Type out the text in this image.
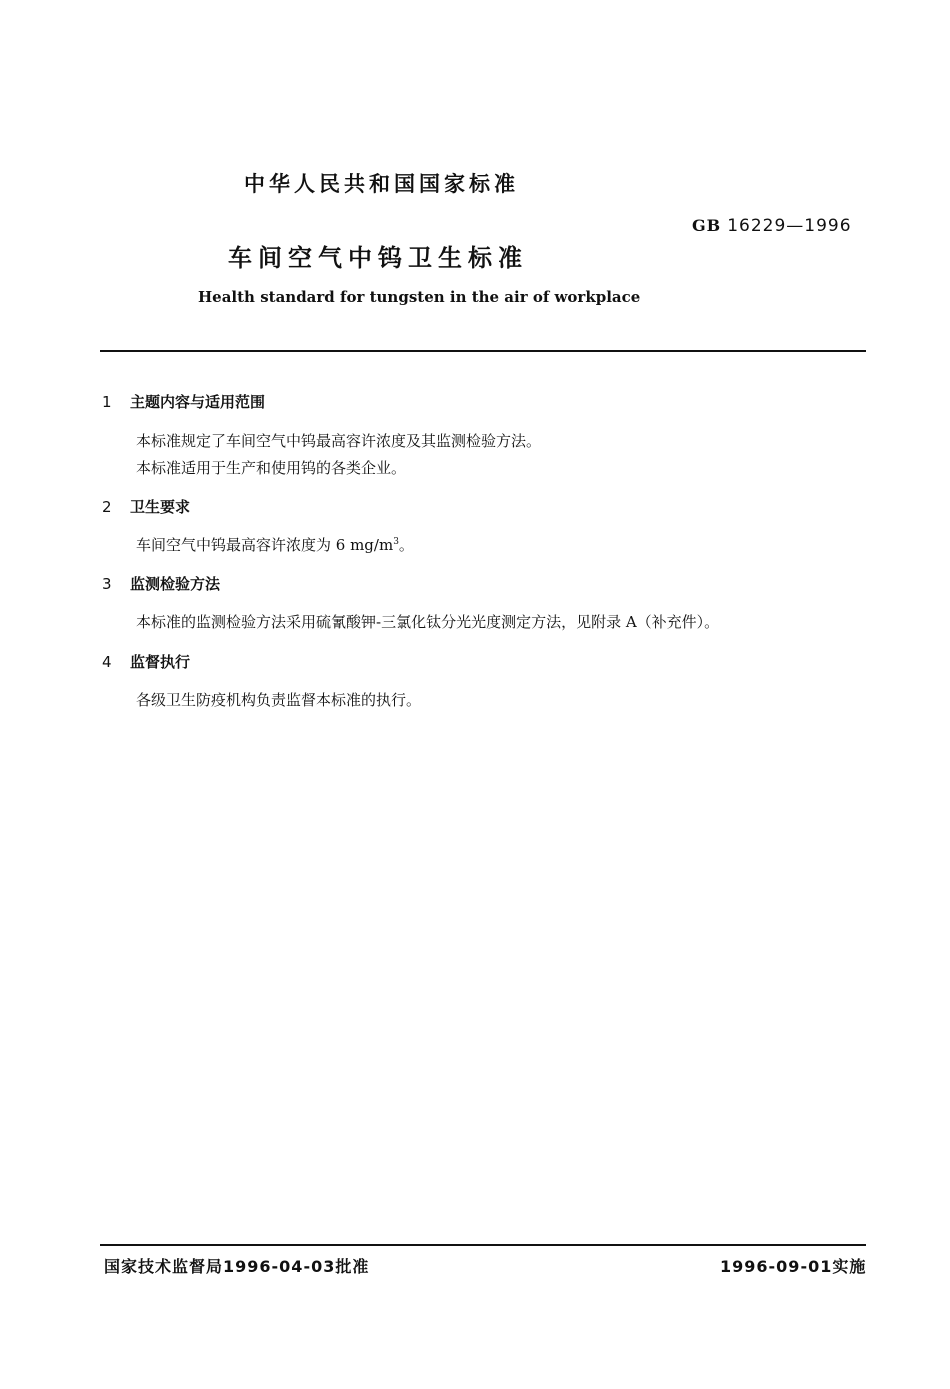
中华人民共和国国家标准
GB 16229—1996
车间空气中钨卫生标准
Health standard for tungsten in the air of workplace
1 主题内容与适用范围
本标准规定了车间空气中钨最高容许浓度及其监测检验方法。
本标准适用于生产和使用钨的各类企业。
2 卫生要求
车间空气中钨最高容许浓度为 6 $mg/m^3$。
3 监测检验方法
本标准的监测检验方法采用硫氰酸钾-三氯化钛分光光度测定方法，见附录 A（补充件）。
4 监督执行
各级卫生防疫机构负责监督本标准的执行。
国家技术监督局1996-04-03批准	1996-09-01实施
